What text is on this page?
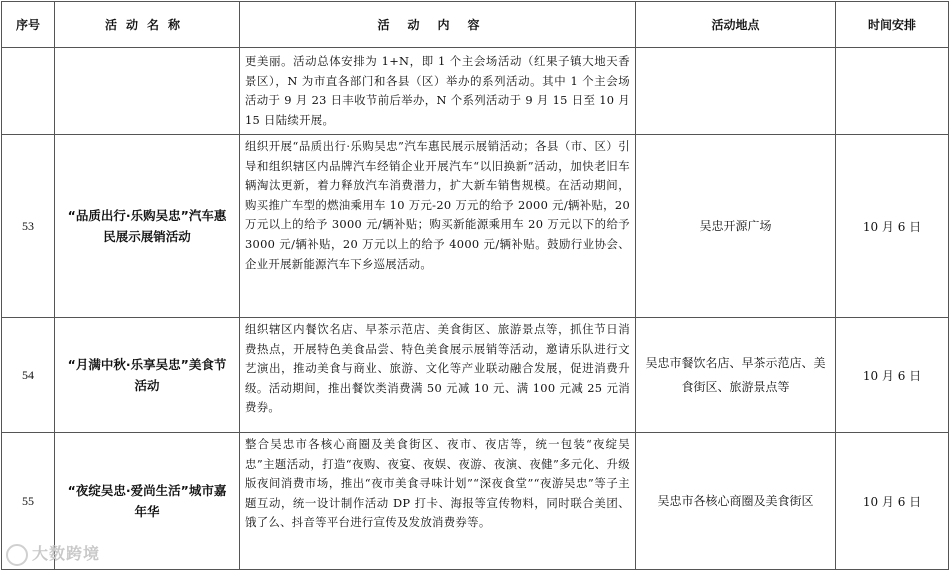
序号	活动名称	活动内容	活动地点	时间安排
		更美丽。活动总体安排为 1+N，即 1 个主会场活动（红果子镇大地天香景区），N 为市直各部门和各县（区）举办的系列活动。其中 1 个主会场活动于 9 月 23 日丰收节前后举办，N 个系列活动于 9 月 15 日至 10 月 15 日陆续开展。		
53	“品质出行·乐购吴忠”汽车惠民展示展销活动	组织开展“品质出行·乐购吴忠”汽车惠民展示展销活动；各县（市、区）引导和组织辖区内品牌汽车经销企业开展汽车“以旧换新”活动，加快老旧车辆淘汰更新，着力释放汽车消费潜力，扩大新车销售规模。在活动期间，购买推广车型的燃油乘用车 10 万元-20 万元的给予 2000 元/辆补贴，20 万元以上的给予 3000 元/辆补贴；购买新能源乘用车 20 万元以下的给予 3000 元/辆补贴，20 万元以上的给予 4000 元/辆补贴。鼓励行业协会、企业开展新能源汽车下乡巡展活动。	吴忠开源广场	10 月 6 日
54	“月满中秋·乐享吴忠”美食节活动	组织辖区内餐饮名店、早茶示范店、美食街区、旅游景点等，抓住节日消费热点，开展特色美食品尝、特色美食展示展销等活动，邀请乐队进行文艺演出，推动美食与商业、旅游、文化等产业联动融合发展，促进消费升级。活动期间，推出餐饮类消费满 50 元减 10 元、满 100 元减 25 元消费券。	吴忠市餐饮名店、早茶示范店、美食街区、旅游景点等	10 月 6 日
55	“夜绽吴忠·爱尚生活”城市嘉年华	整合吴忠市各核心商圈及美食街区、夜市、夜店等，统一包装“夜绽吴忠”主题活动，打造“夜购、夜宴、夜娱、夜游、夜演、夜健”多元化、升级版夜间消费市场，推出“夜市美食寻味计划”“深夜食堂”“夜游吴忠”等子主题互动，统一设计制作活动 DP 打卡、海报等宣传物料，同时联合美团、饿了么、抖音等平台进行宣传及发放消费券等。	吴忠市各核心商圈及美食街区	10 月 6 日
大数跨境
